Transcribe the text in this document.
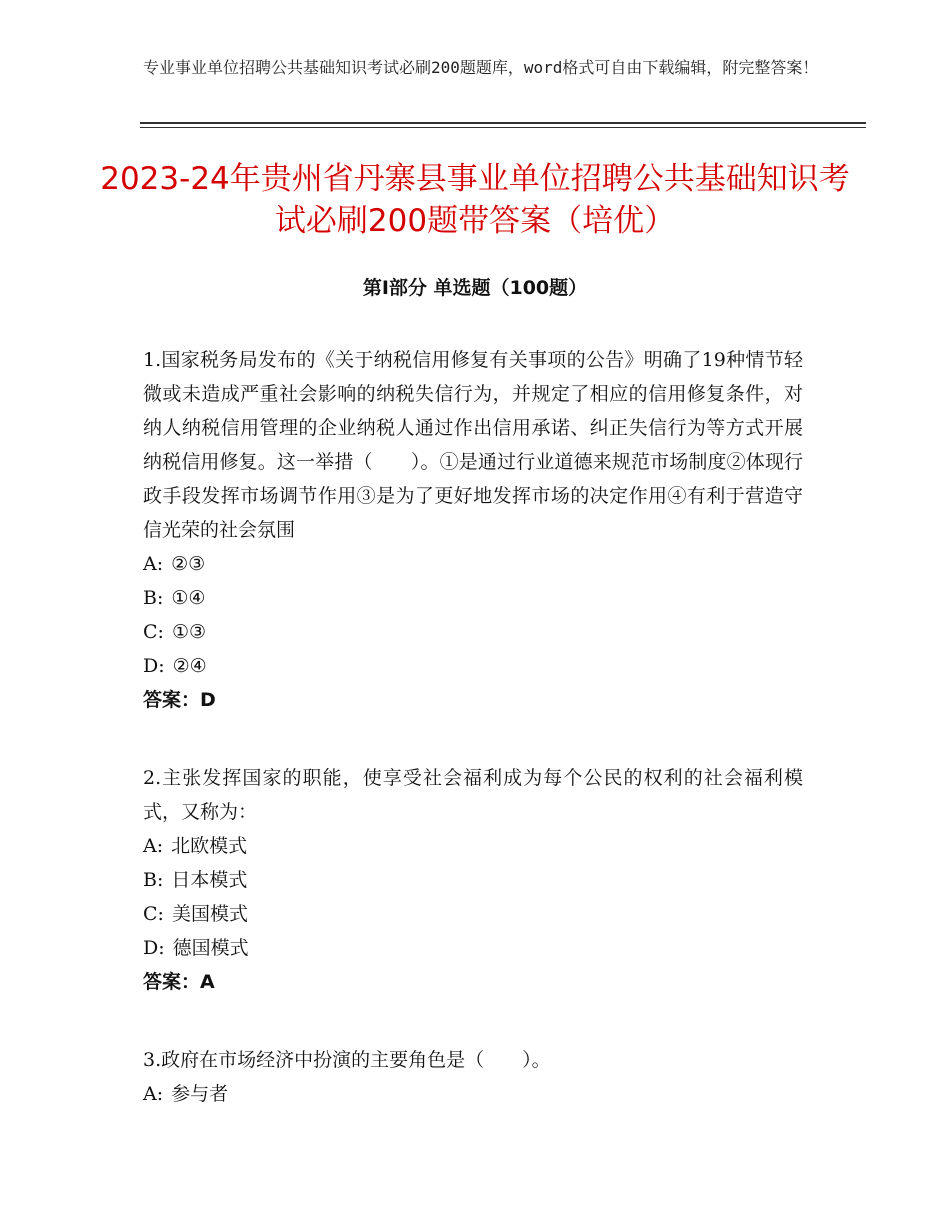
专业事业单位招聘公共基础知识考试必刷200题题库，word格式可自由下载编辑，附完整答案！
2023-24年贵州省丹寨县事业单位招聘公共基础知识考试必刷200题带答案（培优）
第Ⅰ部分 单选题（100题）
1.国家税务局发布的《关于纳税信用修复有关事项的公告》明确了19种情节轻微或未造成严重社会影响的纳税失信行为，并规定了相应的信用修复条件，对纳人纳税信用管理的企业纳税人通过作出信用承诺、纠正失信行为等方式开展纳税信用修复。这一举措（　　）。①是通过行业道德来规范市场制度②体现行政手段发挥市场调节作用③是为了更好地发挥市场的决定作用④有利于营造守信光荣的社会氛围
A: ②③
B: ①④
C: ①③
D: ②④
答案：D
2.主张发挥国家的职能，使享受社会福利成为每个公民的权利的社会福利模式，又称为：
A: 北欧模式
B: 日本模式
C: 美国模式
D: 德国模式
答案：A
3.政府在市场经济中扮演的主要角色是（　　）。
A: 参与者
